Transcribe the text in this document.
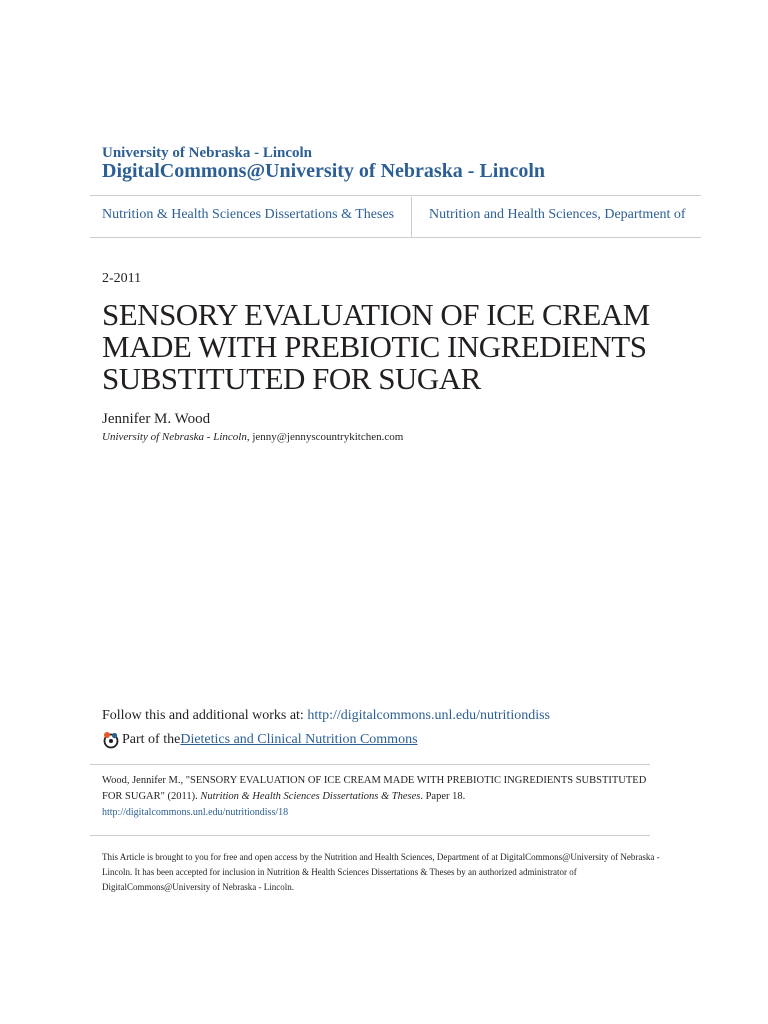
University of Nebraska - Lincoln
DigitalCommons@University of Nebraska - Lincoln
Nutrition & Health Sciences Dissertations & Theses Nutrition and Health Sciences, Department of
2-2011
SENSORY EVALUATION OF ICE CREAM
MADE WITH PREBIOTIC INGREDIENTS
SUBSTITUTED FOR SUGAR
Jennifer M. Wood
University of Nebraska - Lincoln, jenny@jennyscountrykitchen.com
Follow this and additional works at: http://digitalcommons.unl.edu/nutritiondiss
Part of the Dietetics and Clinical Nutrition Commons
Wood, Jennifer M., "SENSORY EVALUATION OF ICE CREAM MADE WITH PREBIOTIC INGREDIENTS SUBSTITUTED FOR SUGAR" (2011). Nutrition & Health Sciences Dissertations & Theses. Paper 18.
http://digitalcommons.unl.edu/nutritiondiss/18
This Article is brought to you for free and open access by the Nutrition and Health Sciences, Department of at DigitalCommons@University of Nebraska - Lincoln. It has been accepted for inclusion in Nutrition & Health Sciences Dissertations & Theses by an authorized administrator of DigitalCommons@University of Nebraska - Lincoln.
